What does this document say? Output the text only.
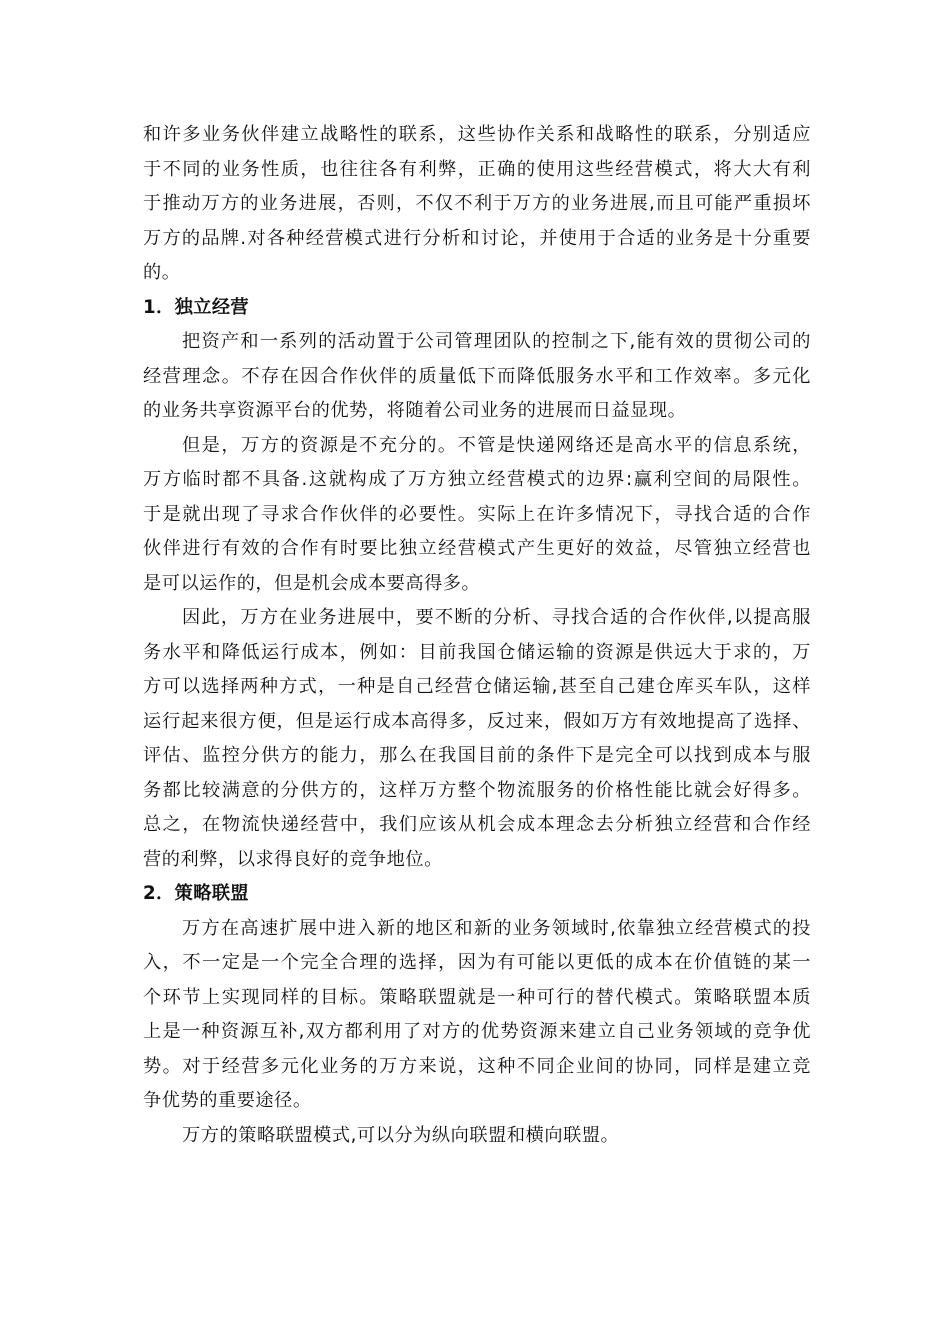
和许多业务伙伴建立战略性的联系，这些协作关系和战略性的联系，分别适应
于不同的业务性质，也往往各有利弊，正确的使用这些经营模式，将大大有利
于推动万方的业务进展，否则，不仅不利于万方的业务进展,而且可能严重损坏
万方的品牌.对各种经营模式进行分析和讨论，并使用于合适的业务是十分重要
的。
1．独立经营
把资产和一系列的活动置于公司管理团队的控制之下,能有效的贯彻公司的
经营理念。不存在因合作伙伴的质量低下而降低服务水平和工作效率。多元化
的业务共享资源平台的优势，将随着公司业务的进展而日益显现。
但是，万方的资源是不充分的。不管是快递网络还是高水平的信息系统，
万方临时都不具备.这就构成了万方独立经营模式的边界:赢利空间的局限性。
于是就出现了寻求合作伙伴的必要性。实际上在许多情况下，寻找合适的合作
伙伴进行有效的合作有时要比独立经营模式产生更好的效益，尽管独立经营也
是可以运作的，但是机会成本要高得多。
因此，万方在业务进展中，要不断的分析、寻找合适的合作伙伴,以提高服
务水平和降低运行成本，例如：目前我国仓储运输的资源是供远大于求的，万
方可以选择两种方式，一种是自己经营仓储运输,甚至自己建仓库买车队，这样
运行起来很方便，但是运行成本高得多，反过来，假如万方有效地提高了选择、
评估、监控分供方的能力，那么在我国目前的条件下是完全可以找到成本与服
务都比较满意的分供方的，这样万方整个物流服务的价格性能比就会好得多。
总之，在物流快递经营中，我们应该从机会成本理念去分析独立经营和合作经
营的利弊，以求得良好的竞争地位。
2．策略联盟
万方在高速扩展中进入新的地区和新的业务领域时,依靠独立经营模式的投
入，不一定是一个完全合理的选择，因为有可能以更低的成本在价值链的某一
个环节上实现同样的目标。策略联盟就是一种可行的替代模式。策略联盟本质
上是一种资源互补,双方都利用了对方的优势资源来建立自己业务领域的竞争优
势。对于经营多元化业务的万方来说，这种不同企业间的协同，同样是建立竞
争优势的重要途径。
万方的策略联盟模式,可以分为纵向联盟和横向联盟。
